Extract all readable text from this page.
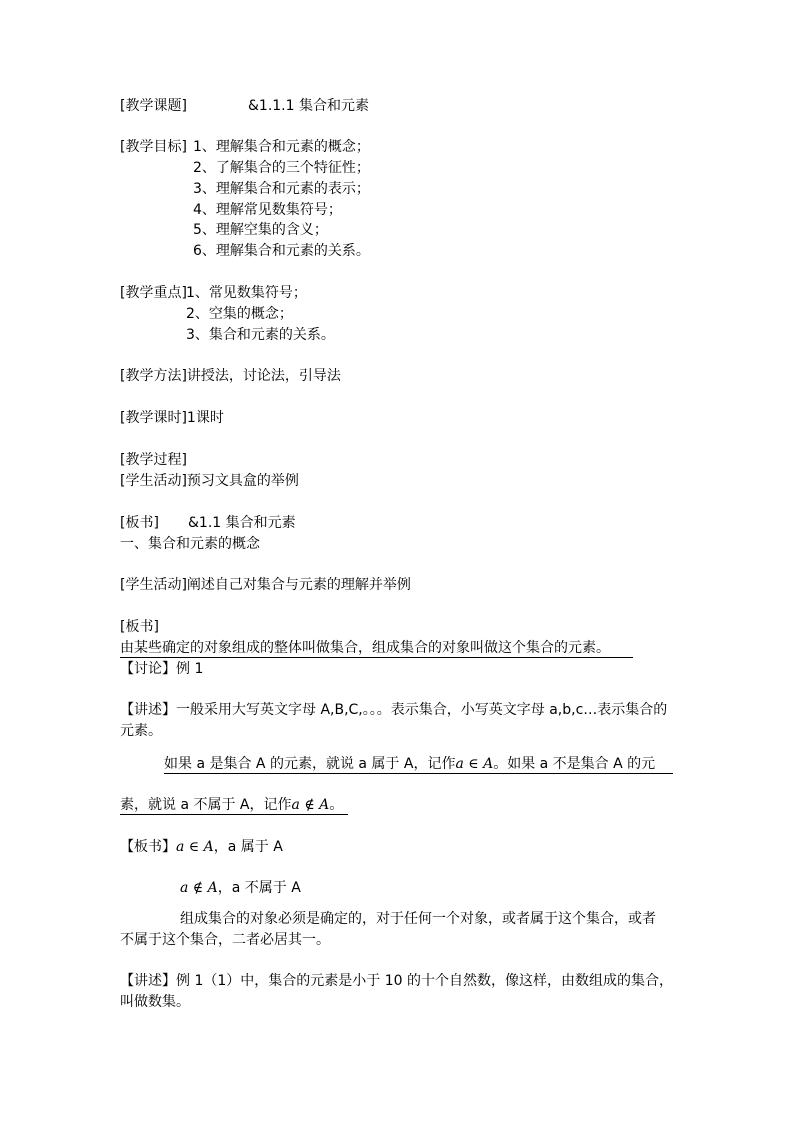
[教学课题]	&1.1.1 集合和元素
[教学目标] 1、理解集合和元素的概念；
2、了解集合的三个特征性；
3、理解集合和元素的表示；
4、理解常见数集符号；
5、理解空集的含义；
6、理解集合和元素的关系。
[教学重点] 1、常见数集符号；
2、空集的概念；
3、集合和元素的关系。
[教学方法]讲授法，讨论法，引导法
[教学课时]1课时
[教学过程]
[学生活动]预习文具盒的举例
[板书] &1.1 集合和元素
一、集合和元素的概念
[学生活动]阐述自己对集合与元素的理解并举例
[板书]
由某些确定的对象组成的整体叫做集合，组成集合的对象叫做这个集合的元素。
【讨论】例 1
【讲述】一般采用大写英文字母 A,B,C,。。。表示集合，小写英文字母 a,b,c…表示集合的
元素。
如果 a 是集合 A 的元素，就说 a 属于 A，记作a ∈ A。如果 a 不是集合 A 的元
素，就说 a 不属于 A，记作a ∉ A。
【板书】a ∈ A，a 属于 A
a ∉ A，a 不属于 A
组成集合的对象必须是确定的，对于任何一个对象，或者属于这个集合，或者
不属于这个集合，二者必居其一。
【讲述】例 1（1）中，集合的元素是小于 10 的十个自然数，像这样，由数组成的集合，
叫做数集。
